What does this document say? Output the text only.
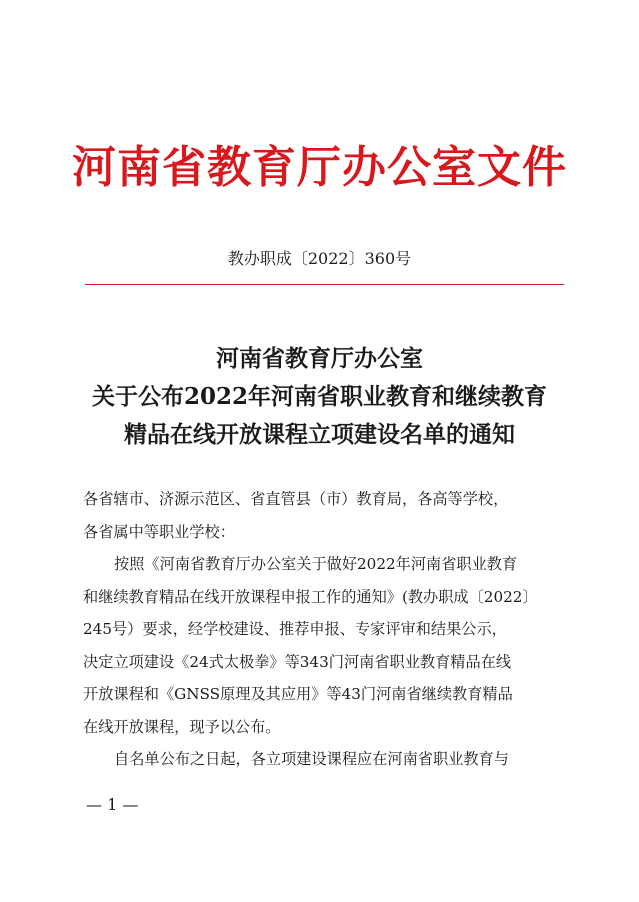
河南省教育厅办公室文件
教办职成〔2022〕360号
河南省教育厅办公室
关于公布2022年河南省职业教育和继续教育
精品在线开放课程立项建设名单的通知
各省辖市、济源示范区、省直管县（市）教育局，各高等学校，
各省属中等职业学校：
按照《河南省教育厅办公室关于做好2022年河南省职业教育
和继续教育精品在线开放课程申报工作的通知》(教办职成〔2022〕
245号）要求，经学校建设、推荐申报、专家评审和结果公示，
决定立项建设《24式太极拳》等343门河南省职业教育精品在线
开放课程和《GNSS原理及其应用》等43门河南省继续教育精品
在线开放课程，现予以公布。
自名单公布之日起，各立项建设课程应在河南省职业教育与
— 1 —
